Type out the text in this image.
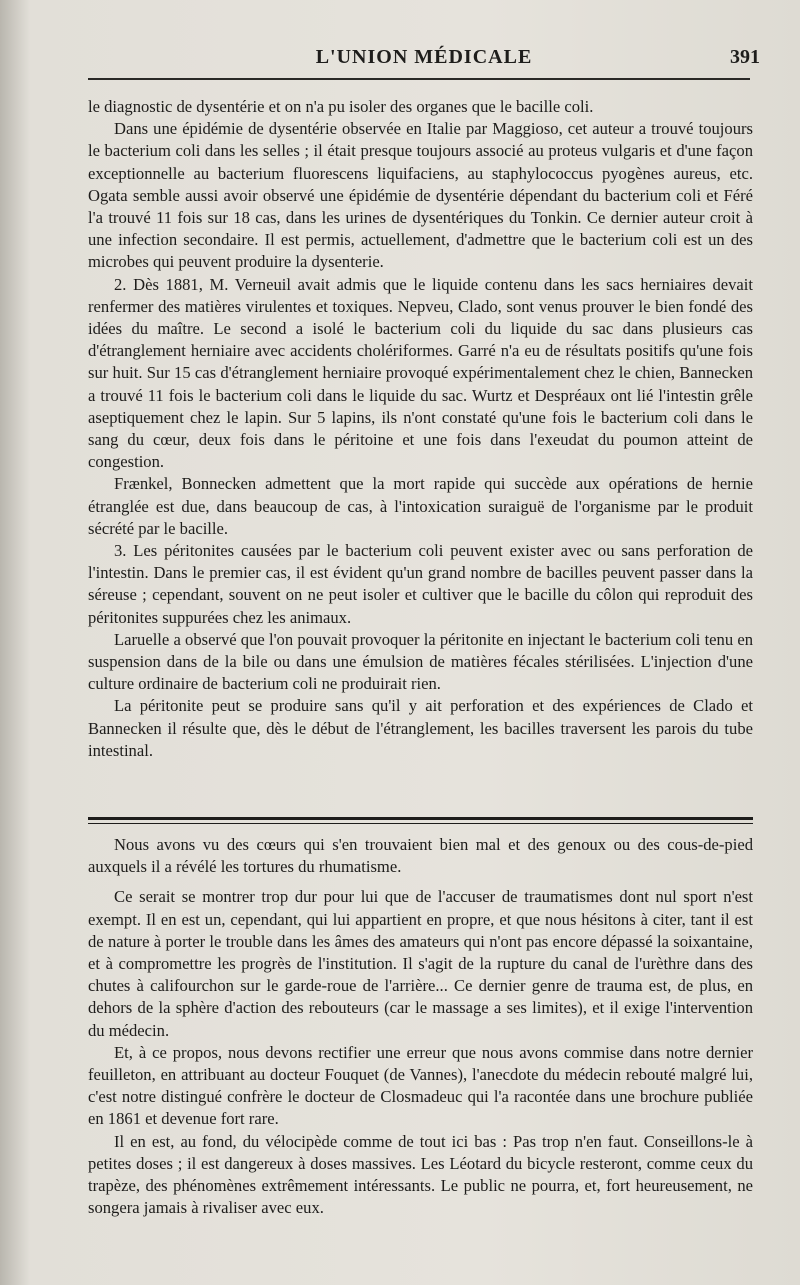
L'UNION MÉDICALE	391

le diagnostic de dysentérie et on n'a pu isoler des organes que le bacille coli.

Dans une épidémie de dysentérie observée en Italie par Maggioso, cet auteur a trouvé toujours le bacterium coli dans les selles ; il était presque toujours associé au proteus vulgaris et d'une façon exceptionnelle au bacterium fluorescens liquifaciens, au staphylococcus pyogènes aureus, etc. Ogata semble aussi avoir observé une épidémie de dysentérie dépendant du bacterium coli et Féré l'a trouvé 11 fois sur 18 cas, dans les urines de dysentériques du Tonkin. Ce dernier auteur croit à une infection secondaire. Il est permis, actuellement, d'admettre que le bacterium coli est un des microbes qui peuvent produire la dysenterie.

2. Dès 1881, M. Verneuil avait admis que le liquide contenu dans les sacs herniaires devait renfermer des matières virulentes et toxiques. Nepveu, Clado, sont venus prouver le bien fondé des idées du maître. Le second a isolé le bacterium coli du liquide du sac dans plusieurs cas d'étranglement herniaire avec accidents cholériformes. Garré n'a eu de résultats positifs qu'une fois sur huit. Sur 15 cas d'étranglement herniaire provoqué expérimentalement chez le chien, Bannecken a trouvé 11 fois le bacterium coli dans le liquide du sac. Wurtz et Despréaux ont lié l'intestin grêle aseptiquement chez le lapin. Sur 5 lapins, ils n'ont constaté qu'une fois le bacterium coli dans le sang du cœur, deux fois dans le péritoine et une fois dans l'exeudat du poumon atteint de congestion.

Frænkel, Bonnecken admettent que la mort rapide qui succède aux opérations de hernie étranglée est due, dans beaucoup de cas, à l'intoxication suraiguë de l'organisme par le produit sécrété par le bacille.

3. Les péritonites causées par le bacterium coli peuvent exister avec ou sans perforation de l'intestin. Dans le premier cas, il est évident qu'un grand nombre de bacilles peuvent passer dans la séreuse ; cependant, souvent on ne peut isoler et cultiver que le bacille du côlon qui reproduit des péritonites suppurées chez les animaux.

Laruelle a observé que l'on pouvait provoquer la péritonite en injectant le bacterium coli tenu en suspension dans de la bile ou dans une émulsion de matières fécales stérilisées. L'injection d'une culture ordinaire de bacterium coli ne produirait rien.

La péritonite peut se produire sans qu'il y ait perforation et des expériences de Clado et Bannecken il résulte que, dès le début de l'étranglement, les bacilles traversent les parois du tube intestinal.

Nous avons vu des cœurs qui s'en trouvaient bien mal et des genoux ou des cous-de-pied auxquels il a révélé les tortures du rhumatisme.

Ce serait se montrer trop dur pour lui que de l'accuser de traumatismes dont nul sport n'est exempt. Il en est un, cependant, qui lui appartient en propre, et que nous hésitons à citer, tant il est de nature à porter le trouble dans les âmes des amateurs qui n'ont pas encore dépassé la soixantaine, et à compromettre les progrès de l'institution. Il s'agit de la rupture du canal de l'urèthre dans des chutes à califourchon sur le garde-roue de l'arrière... Ce dernier genre de trauma est, de plus, en dehors de la sphère d'action des rebouteurs (car le massage a ses limites), et il exige l'intervention du médecin.

Et, à ce propos, nous devons rectifier une erreur que nous avons commise dans notre dernier feuilleton, en attribuant au docteur Fouquet (de Vannes), l'anecdote du médecin rebouté malgré lui, c'est notre distingué confrère le docteur de Closmadeuc qui l'a racontée dans une brochure publiée en 1861 et devenue fort rare.

Il en est, au fond, du vélocipède comme de tout ici bas : Pas trop n'en faut. Conseillons-le à petites doses ; il est dangereux à doses massives. Les Léotard du bicycle resteront, comme ceux du trapèze, des phénomènes extrêmement intéressants. Le public ne pourra, et, fort heureusement, ne songera jamais à rivaliser avec eux.
